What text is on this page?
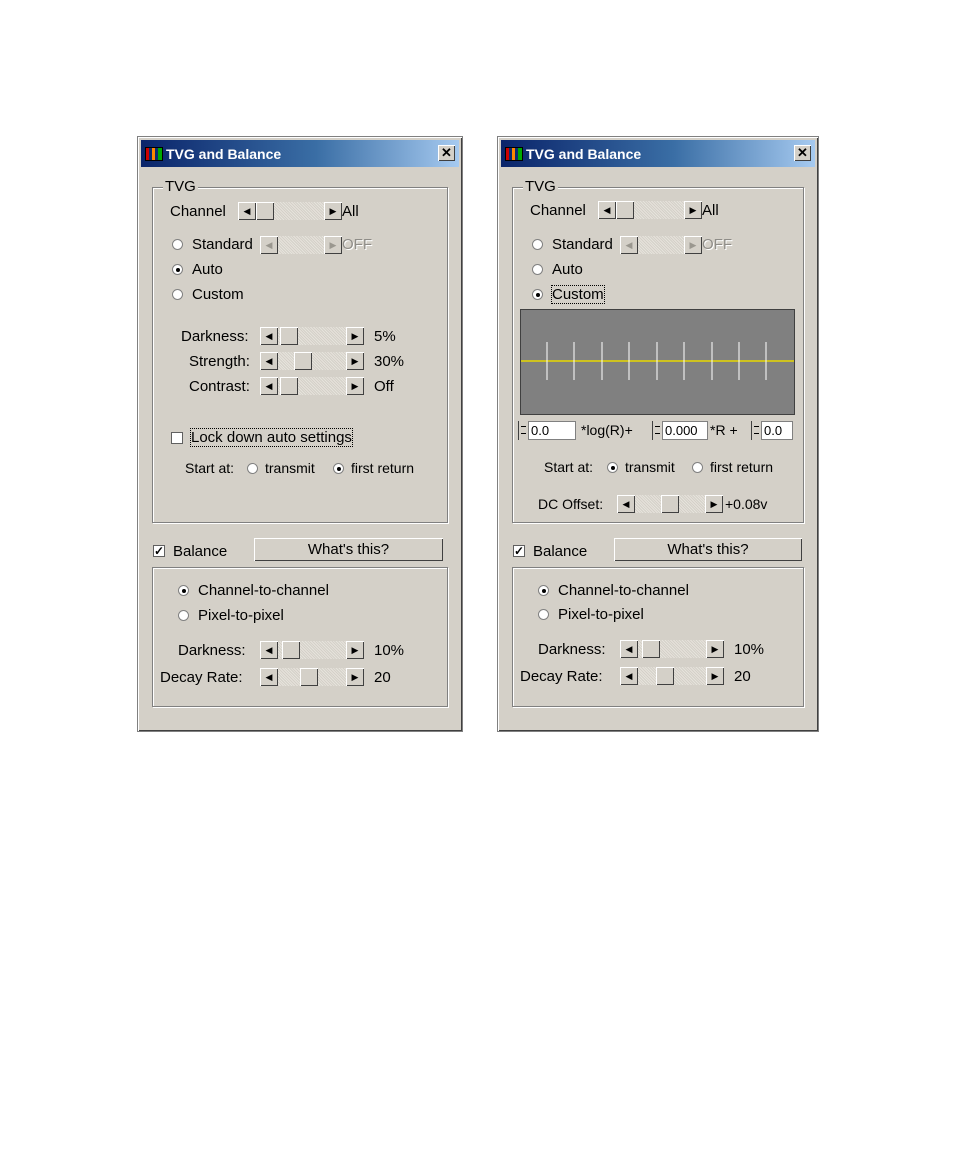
TVG and Balance	✕
TVG
Channel	◀	▶ All
Standard	◀	▶ OFF
Auto
Custom
Darkness:	◀	▶	5%
Strength:	◀	▶	30%
Contrast:	◀	▶	Off
Lock down auto settings
Start at: transmit	first return
✓ Balance	What's this?
Channel-to-channel
Pixel-to-pixel
Darkness:	◀	▶	10%
Decay Rate:	◀	▶	20
TVG and Balance	✕
TVG
Channel	◀	▶ All
Standard	◀	▶ OFF
Auto
Custom
0.0	*log(R)+ 0.000 *R + 0.0
Start at: transmit	first return
DC Offset:	◀	▶ +0.08v
✓ Balance	What's this?
Channel-to-channel
Pixel-to-pixel
Darkness:	◀	▶	10%
Decay Rate:	◀	▶	20
